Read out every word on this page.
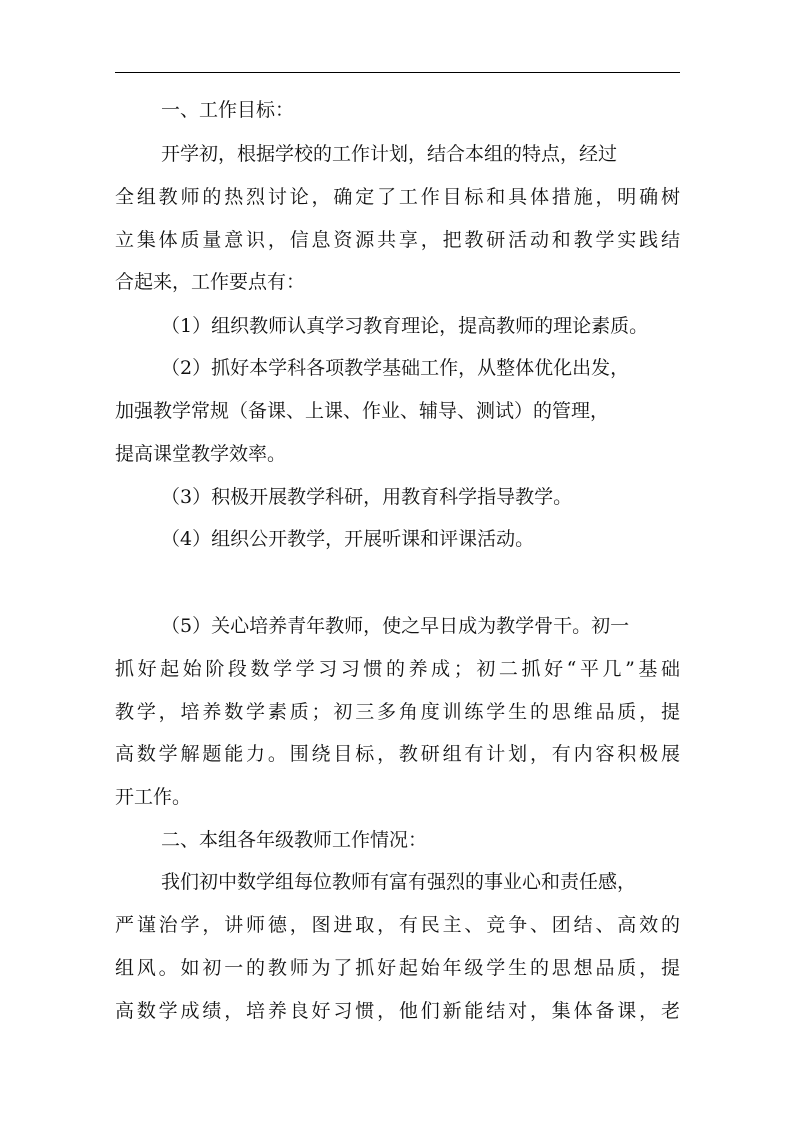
一、工作目标：
开学初，根据学校的工作计划，结合本组的特点，经过
全组教师的热烈讨论，确定了工作目标和具体措施，明确树
立集体质量意识，信息资源共享，把教研活动和教学实践结
合起来，工作要点有：
（1）组织教师认真学习教育理论，提高教师的理论素质。
（2）抓好本学科各项教学基础工作，从整体优化出发，
加强教学常规（备课、上课、作业、辅导、测试）的管理，
提高课堂教学效率。
（3）积极开展教学科研，用教育科学指导教学。
（4）组织公开教学，开展听课和评课活动。
（5）关心培养青年教师，使之早日成为教学骨干。初一
抓好起始阶段数学学习习惯的养成；初二抓好“平几”基础
教学，培养数学素质；初三多角度训练学生的思维品质，提
高数学解题能力。围绕目标，教研组有计划，有内容积极展
开工作。
二、本组各年级教师工作情况：
我们初中数学组每位教师有富有强烈的事业心和责任感，
严谨治学，讲师德，图进取，有民主、竞争、团结、高效的
组风。如初一的教师为了抓好起始年级学生的思想品质，提
高数学成绩，培养良好习惯，他们新能结对，集体备课，老
